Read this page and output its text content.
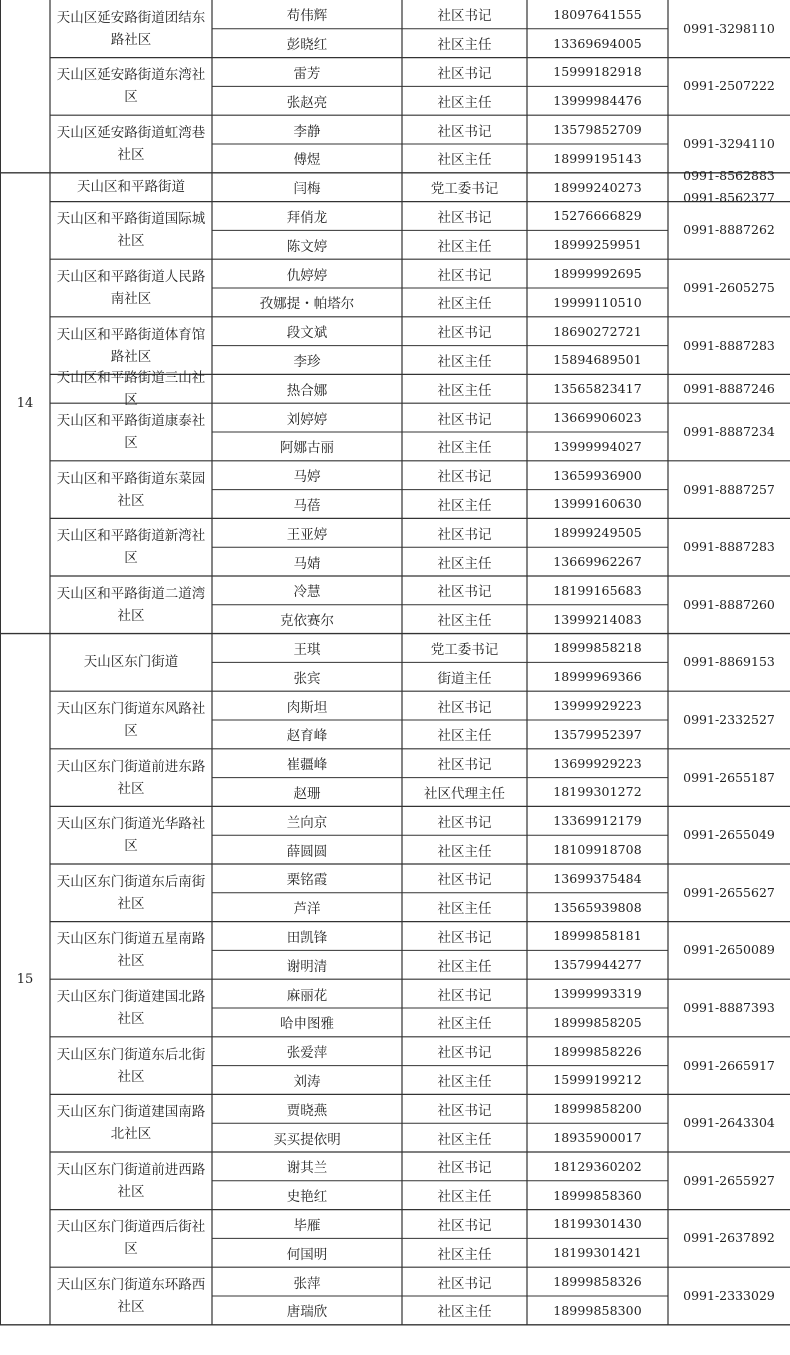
天山区延安路街道团结东路社区
0991-3298110
苟伟辉	社区书记	18097641555
彭晓红	社区主任	13369694005
天山区延安路街道东湾社区
0991-2507222
雷芳	社区书记	15999182918
张赵亮	社区主任	13999984476
天山区延安路街道虹湾巷社区
0991-3294110
李静	社区书记	13579852709
傅煜	社区主任	18999195143
天山区和平路街道
0991-8562883
0991-8562377
闫梅	党工委书记	18999240273
天山区和平路街道国际城社区
0991-8887262
拜俏龙	社区书记	15276666829
陈文婷	社区主任	18999259951
天山区和平路街道人民路南社区
0991-2605275
仇婷婷	社区书记	18999992695
孜娜提・帕塔尔	社区主任	19999110510
天山区和平路街道体育馆路社区
0991-8887283
段文斌	社区书记	18690272721
李珍	社区主任	15894689501
天山区和平路街道三山社区
0991-8887246
热合娜	社区主任	13565823417
天山区和平路街道康泰社区
0991-8887234
刘婷婷	社区书记	13669906023
阿娜古丽	社区主任	13999994027
天山区和平路街道东菜园社区
0991-8887257
马婷	社区书记	13659936900
马蓓	社区主任	13999160630
天山区和平路街道新湾社区
0991-8887283
王亚婷	社区书记	18999249505
马婧	社区主任	13669962267
天山区和平路街道二道湾社区
0991-8887260
冷慧	社区书记	18199165683
克依赛尔	社区主任	13999214083
14
天山区东门街道	0991-8869153
王琪	党工委书记	18999858218
张宾	街道主任	18999969366
天山区东门街道东风路社区
0991-2332527
肉斯坦	社区书记	13999929223
赵育峰	社区主任	13579952397
天山区东门街道前进东路社区
0991-2655187
崔疆峰	社区书记	13699929223
赵珊	社区代理主任	18199301272
天山区东门街道光华路社区
0991-2655049
兰向京	社区书记	13369912179
薛圆圆	社区主任	18109918708
天山区东门街道东后南街社区
0991-2655627
栗铭霞	社区书记	13699375484
芦洋	社区主任	13565939808
天山区东门街道五星南路社区
0991-2650089
田凯锋	社区书记	18999858181
谢明清	社区主任	13579944277
天山区东门街道建国北路社区
0991-8887393
麻丽花	社区书记	13999993319
哈申图雅	社区主任	18999858205
天山区东门街道东后北街社区
0991-2665917
张爱萍	社区书记	18999858226
刘涛	社区主任	15999199212
天山区东门街道建国南路北社区
0991-2643304
贾晓燕	社区书记	18999858200
买买提依明	社区主任	18935900017
天山区东门街道前进西路社区
0991-2655927
谢其兰	社区书记	18129360202
史艳红	社区主任	18999858360
天山区东门街道西后街社区
0991-2637892
毕雁	社区书记	18199301430
何国明	社区主任	18199301421
天山区东门街道东环路西社区
0991-2333029
张萍	社区书记	18999858326
唐瑞欣	社区主任	18999858300
15
